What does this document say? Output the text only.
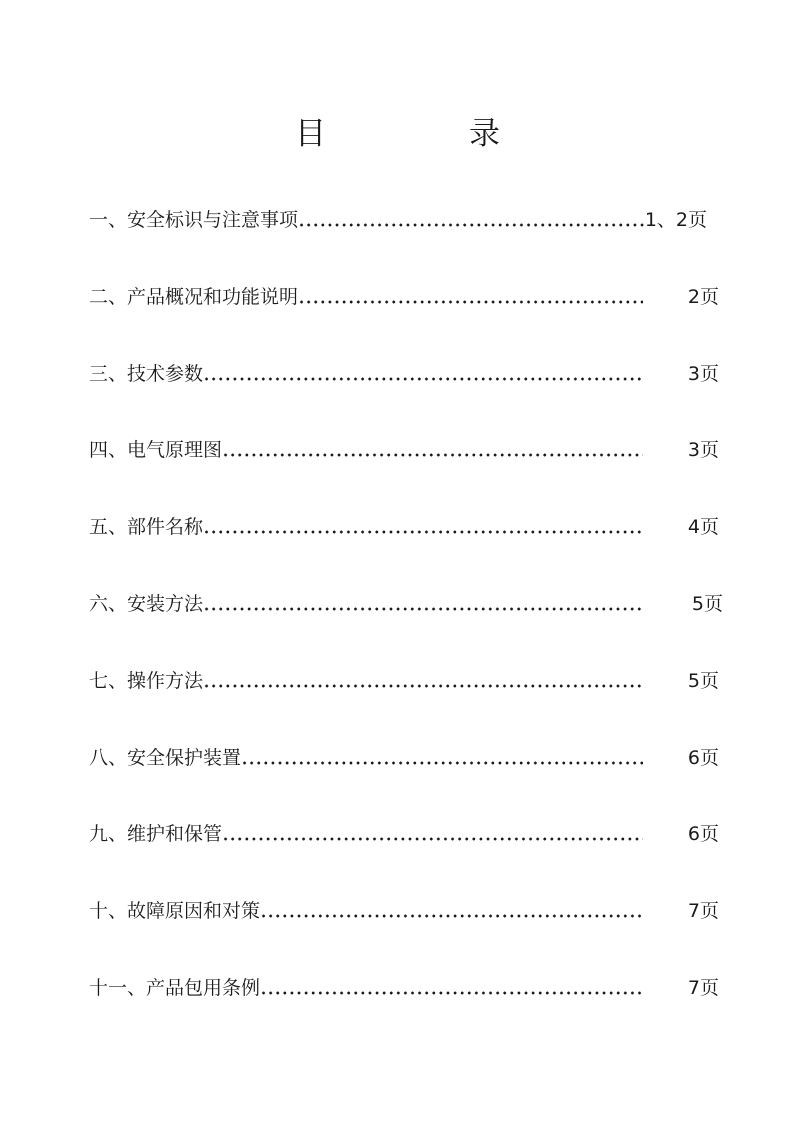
目	录
一、安全标识与注意事项	1、2页
二、产品概况和功能说明	2页
三、技术参数	3页
四、电气原理图	3页
五、部件名称	4页
六、安装方法	5页
七、操作方法	5页
八、安全保护装置	6页
九、维护和保管	6页
十、故障原因和对策	7页
十一、产品包用条例	7页
